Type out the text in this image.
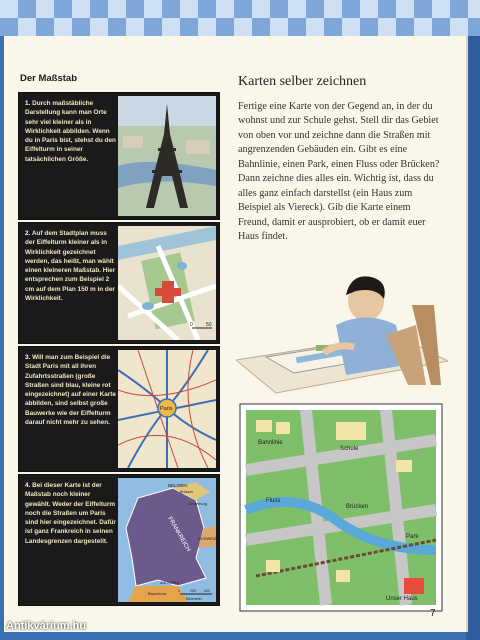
Der Maßstab	Karten selber zeichnen

Fertige eine Karte von der Gegend an, in der du wohnst und zur Schule gehst. Stell dir das Gebiet von oben vor und zeichne dann die Straßen mit angrenzenden Gebäuden ein. Gibt es eine Bahnlinie, einen Park, einen Fluss oder Brücken? Dann zeichne dies alles ein. Wichtig ist, dass du alles ganz einfach darstellst (ein Haus zum Beispiel als Viereck). Gib die Karte einem Freund, damit er ausprobiert, ob er damit euer Haus findet.

1. Durch maßstäbliche Darstellung kann man Orte sehr viel kleiner als in Wirklichkeit abbilden. Wenn du in Paris bist, stehst du den Eiffelturm in seiner tatsächlichen Größe.

2. Auf dem Stadtplan muss der Eiffelturm kleiner als in Wirklichkeit gezeichnet werden, das heißt, man wählt einen kleineren Maßstab. Hier entsprechen zum Beispiel 2 cm auf dem Plan 150 m in der Wirklichkeit.

0	50

3. Will man zum Beispiel die Stadt Paris mit all ihren Zufahrtsstraßen (große Straßen sind blau, kleine rot eingezeichnet) auf einer Karte abbilden, sind selbst große Bauwerke wie der Eiffelturm darauf nicht mehr zu sehen.

Paris

4. Bei dieser Karte ist der Maßstab noch kleiner gewählt. Weder der Eiffelturm noch die Straßen um Paris sind hier eingezeichnet. Dafür ist ganz Frankreich in seinen Landesgrenzen dargestellt.

BELGIEN
Brüssel
Luxemburg
FRANKREICH SCHWEIZ
ANDORRA
Barcelona	0	200 400
Kilometer
Bahnlinie
Schule
Fluss
Brücken
Park
Unser Haus

7

Antikvárium.hu
